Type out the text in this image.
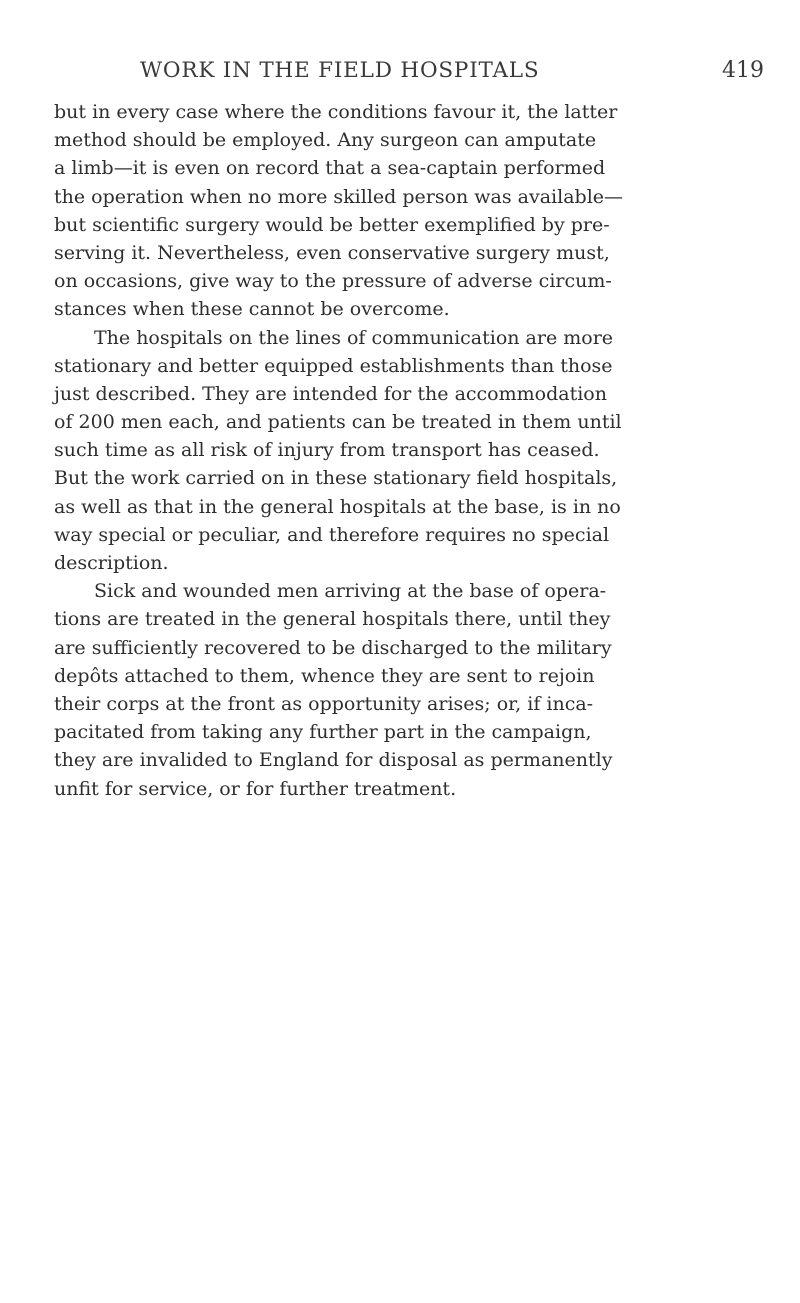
WORK IN THE FIELD HOSPITALS	419
but in every case where the conditions favour it, the latter
method should be employed. Any surgeon can amputate
a limb—it is even on record that a sea-captain performed
the operation when no more skilled person was available—
but scientific surgery would be better exemplified by pre-
serving it. Nevertheless, even conservative surgery must,
on occasions, give way to the pressure of adverse circum-
stances when these cannot be overcome.
The hospitals on the lines of communication are more
stationary and better equipped establishments than those
just described. They are intended for the accommodation
of 200 men each, and patients can be treated in them until
such time as all risk of injury from transport has ceased.
But the work carried on in these stationary field hospitals,
as well as that in the general hospitals at the base, is in no
way special or peculiar, and therefore requires no special
description.
Sick and wounded men arriving at the base of opera-
tions are treated in the general hospitals there, until they
are sufficiently recovered to be discharged to the military
depôts attached to them, whence they are sent to rejoin
their corps at the front as opportunity arises; or, if inca-
pacitated from taking any further part in the campaign,
they are invalided to England for disposal as permanently
unfit for service, or for further treatment.
